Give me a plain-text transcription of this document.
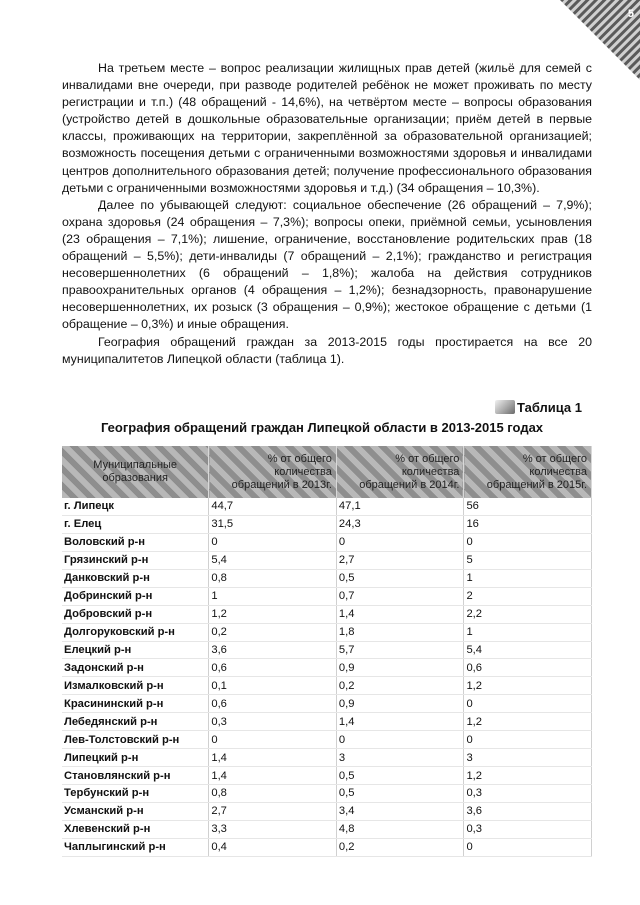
5

На третьем месте – вопрос реализации жилищных прав детей (жильё для семей с инвалидами вне очереди, при разводе родителей ребёнок не может проживать по месту регистрации и т.п.) (48 обращений - 14,6%), на четвёртом месте – вопросы образования (устройство детей в дошкольные образовательные организации; приём детей в первые классы, проживающих на территории, закреплённой за образовательной организацией; возможность посещения детьми с ограниченными возможностями здоровья и инвалидами центров дополнительного образования детей; получение профессионального образования детьми с ограниченными возможностями здоровья и т.д.) (34 обращения – 10,3%).

Далее по убывающей следуют: социальное обеспечение (26 обращений – 7,9%); охрана здоровья (24 обращения – 7,3%); вопросы опеки, приёмной семьи, усыновления (23 обращения – 7,1%); лишение, ограничение, восстановление родительских прав (18 обращений – 5,5%); дети-инвалиды (7 обращений – 2,1%); гражданство и регистрация несовершеннолетних (6 обращений – 1,8%); жалоба на действия сотрудников правоохранительных органов (4 обращения – 1,2%); безнадзорность, правонарушение несовершеннолетних, их розыск (3 обращения – 0,9%); жестокое обращение с детьми (1 обращение – 0,3%) и иные обращения.

География обращений граждан за 2013-2015 годы простирается на все 20 муниципалитетов Липецкой области (таблица 1).

Таблица 1
География обращений граждан Липецкой области в 2013-2015 годах
Муниципальные образования	% от общего количества обращений в 2013г.	% от общего количества обращений в 2014г.	% от общего количества обращений в 2015г.
г. Липецк	44,7	47,1	56
г. Елец	31,5	24,3	16
Воловский р-н	0	0	0
Грязинский р-н	5,4	2,7	5
Данковский р-н	0,8	0,5	1
Добринский р-н	1	0,7	2
Добровский р-н	1,2	1,4	2,2
Долгоруковский р-н	0,2	1,8	1
Елецкий р-н	3,6	5,7	5,4
Задонский р-н	0,6	0,9	0,6
Измалковский р-н	0,1	0,2	1,2
Красининский р-н	0,6	0,9	0
Лебедянский р-н	0,3	1,4	1,2
Лев-Толстовский р-н	0	0	0
Липецкий р-н	1,4	3	3
Становлянский р-н	1,4	0,5	1,2
Тербунский р-н	0,8	0,5	0,3
Усманский р-н	2,7	3,4	3,6
Хлевенский р-н	3,3	4,8	0,3
Чаплыгинский р-н	0,4	0,2	0
